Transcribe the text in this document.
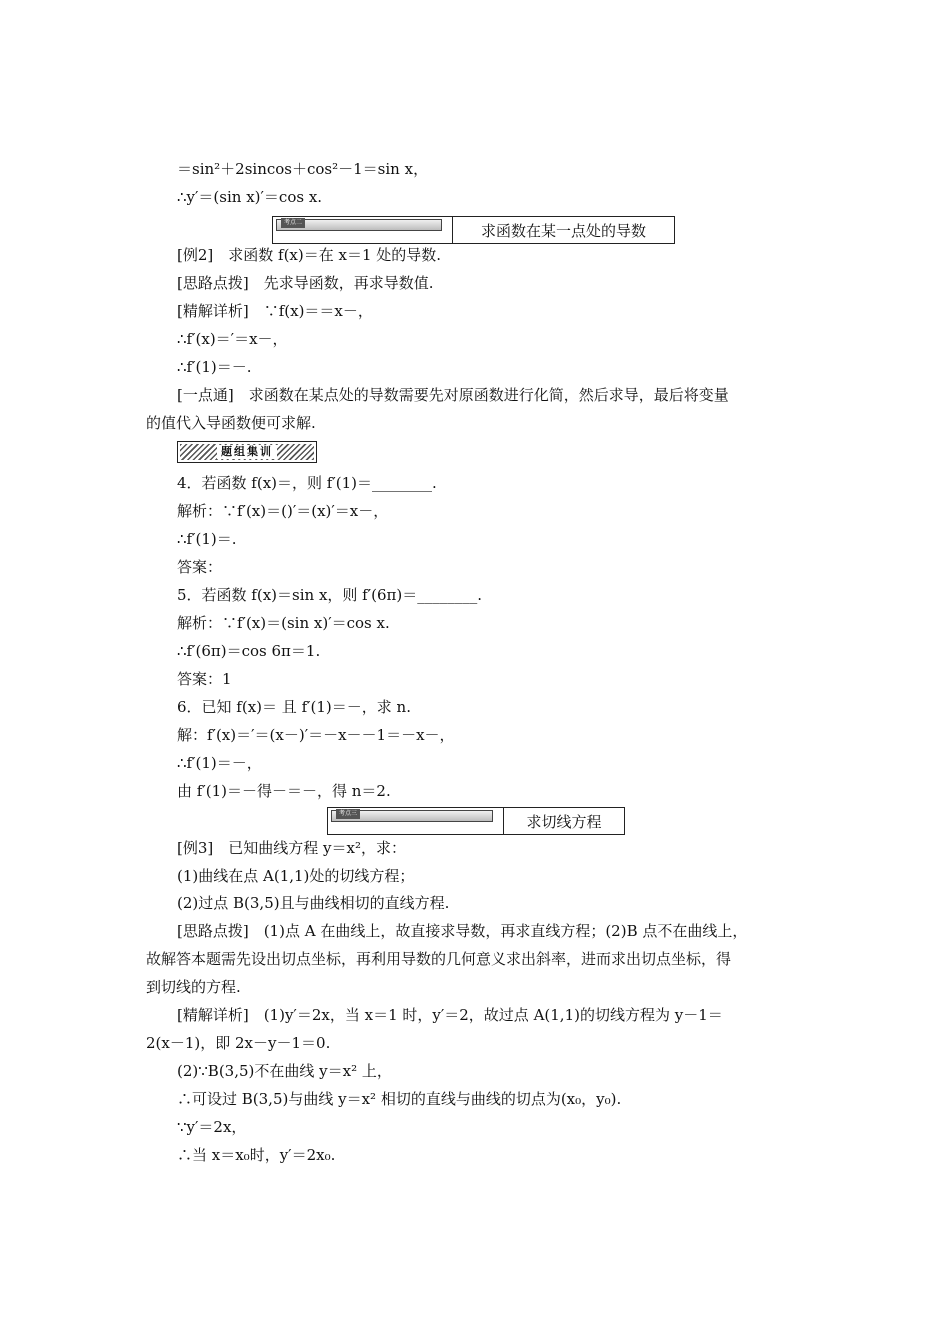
＝sin²＋2sincos＋cos²－1＝sin x，
∴y′＝(sin x)′＝cos x.
考点二	求函数在某一点处的导数
[例2]　求函数 f(x)＝在 x＝1 处的导数.
[思路点拨]　先求导函数，再求导数值.
[精解详析]　∵f(x)＝＝x－，
∴f′(x)＝′＝x－，
∴f′(1)＝－.
[一点通]　求函数在某点处的导数需要先对原函数进行化简，然后求导，最后将变量
的值代入导函数便可求解.
题组集训
4．若函数 f(x)＝，则 f′(1)＝________.
解析：∵f′(x)＝()′＝(x)′＝x－，
∴f′(1)＝.
答案：
5．若函数 f(x)＝sin x，则 f′(6π)＝________.
解析：∵f′(x)＝(sin x)′＝cos x.
∴f′(6π)＝cos 6π＝1.
答案：1
6．已知 f(x)＝ 且 f′(1)＝－，求 n.
解：f′(x)＝′＝(x－)′＝－x－－1＝－x－，
∴f′(1)＝－，
由 f′(1)＝－得－＝－，得 n＝2.
考点三	求切线方程
[例3]　已知曲线方程 y＝x²，求：
(1)曲线在点 A(1,1)处的切线方程；
(2)过点 B(3,5)且与曲线相切的直线方程.
[思路点拨]　(1)点 A 在曲线上，故直接求导数，再求直线方程；(2)B 点不在曲线上，
故解答本题需先设出切点坐标，再利用导数的几何意义求出斜率，进而求出切点坐标，得
到切线的方程.
[精解详析]　(1)y′＝2x，当 x＝1 时，y′＝2，故过点 A(1,1)的切线方程为 y－1＝
2(x－1)，即 2x－y－1＝0.
(2)∵B(3,5)不在曲线 y＝x² 上，
∴可设过 B(3,5)与曲线 y＝x² 相切的直线与曲线的切点为(x₀，y₀).
∵y′＝2x，
∴当 x＝x₀时，y′＝2x₀.
